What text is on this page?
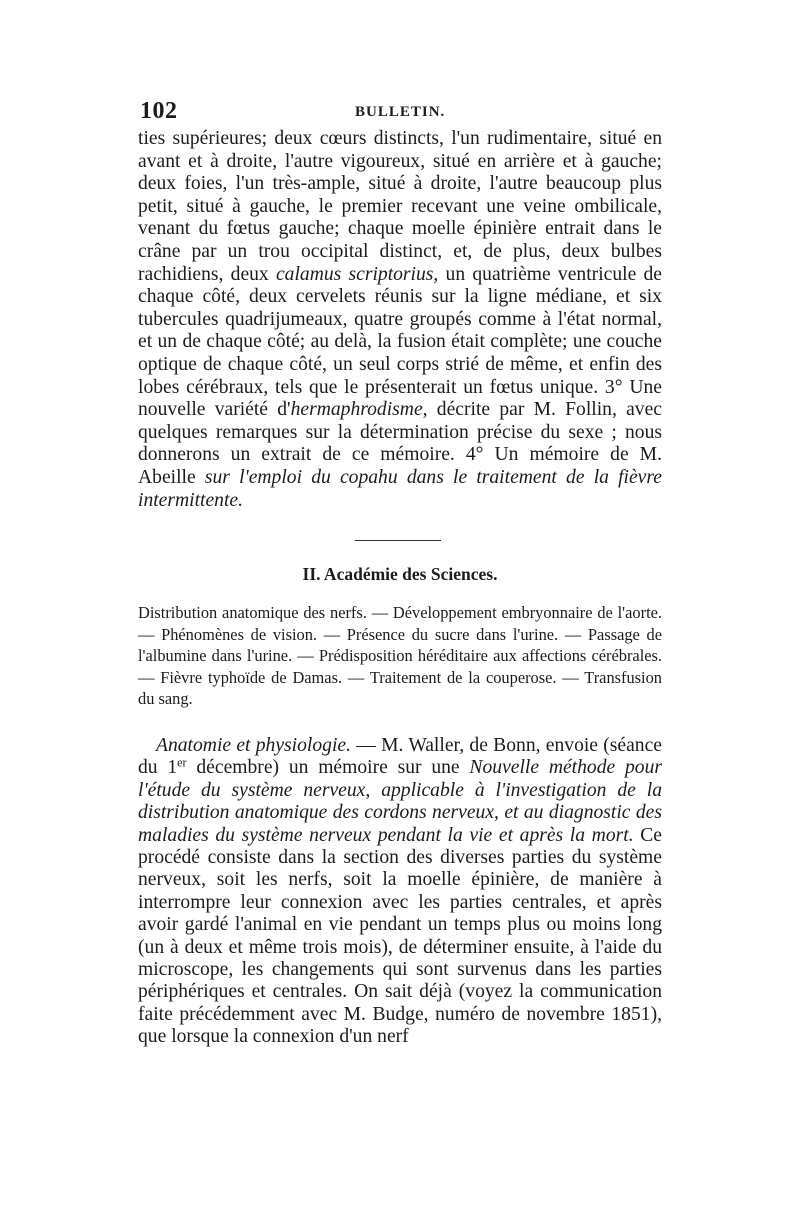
102	BULLETIN.

ties supérieures; deux cœurs distincts, l'un rudimentaire, situé en avant et à droite, l'autre vigoureux, situé en arrière et à gauche; deux foies, l'un très-ample, situé à droite, l'autre beaucoup plus petit, situé à gauche, le premier recevant une veine ombilicale, venant du fœtus gauche; chaque moelle épinière entrait dans le crâne par un trou occipital distinct, et, de plus, deux bulbes rachidiens, deux calamus scriptorius, un quatrième ventricule de chaque côté, deux cervelets réunis sur la ligne médiane, et six tubercules quadrijumeaux, quatre groupés comme à l'état normal, et un de chaque côté; au delà, la fusion était complète; une couche optique de chaque côté, un seul corps strié de même, et enfin des lobes cérébraux, tels que le présenterait un fœtus unique. 3° Une nouvelle variété d'hermaphrodisme, décrite par M. Follin, avec quelques remarques sur la détermination précise du sexe ; nous donnerons un extrait de ce mémoire. 4° Un mémoire de M. Abeille sur l'emploi du copahu dans le traitement de la fièvre intermittente.

II. Académie des Sciences.

Distribution anatomique des nerfs. — Développement embryonnaire de l'aorte. — Phénomènes de vision. — Présence du sucre dans l'urine. — Passage de l'albumine dans l'urine. — Prédisposition héréditaire aux affections cérébrales. — Fièvre typhoïde de Damas. — Traitement de la couperose. — Transfusion du sang.

Anatomie et physiologie. — M. Waller, de Bonn, envoie (séance du 1er décembre) un mémoire sur une Nouvelle méthode pour l'étude du système nerveux, applicable à l'investigation de la distribution anatomique des cordons nerveux, et au diagnostic des maladies du système nerveux pendant la vie et après la mort. Ce procédé consiste dans la section des diverses parties du système nerveux, soit les nerfs, soit la moelle épinière, de manière à interrompre leur connexion avec les parties centrales, et après avoir gardé l'animal en vie pendant un temps plus ou moins long (un à deux et même trois mois), de déterminer ensuite, à l'aide du microscope, les changements qui sont survenus dans les parties périphériques et centrales. On sait déjà (voyez la communication faite précédemment avec M. Budge, numéro de novembre 1851), que lorsque la connexion d'un nerf
